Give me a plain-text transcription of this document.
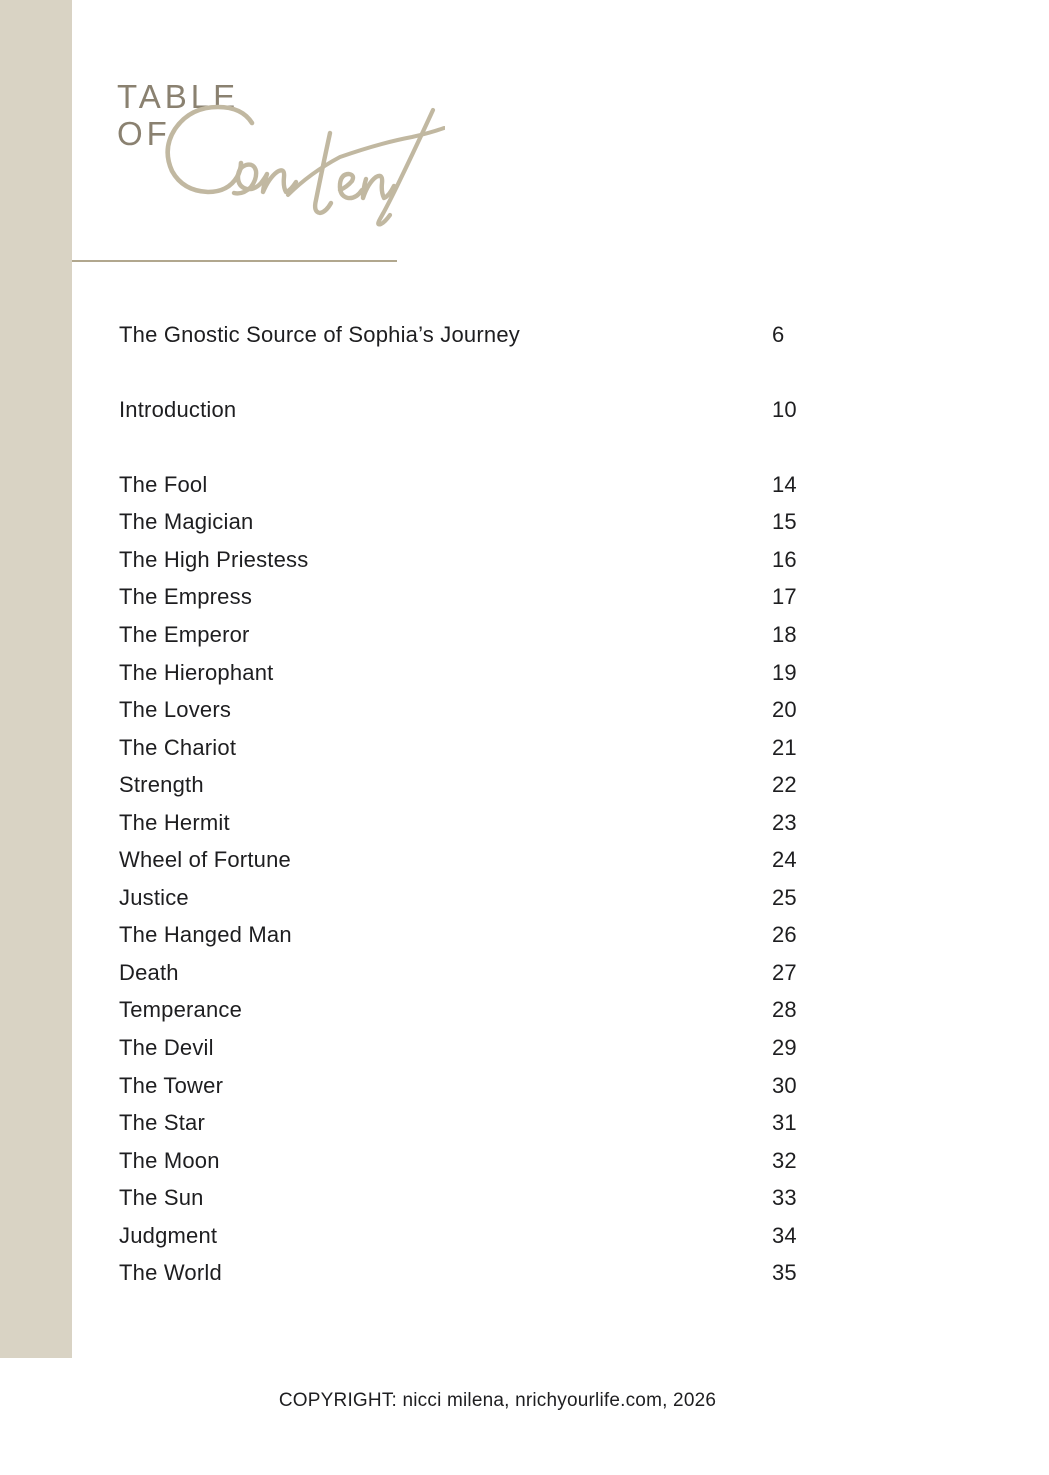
TABLE
OF
The Gnostic Source of Sophia’s Journey	6
Introduction	10
The Fool	14
The Magician	15
The High Priestess	16
The Empress	17
The Emperor	18
The Hierophant	19
The Lovers	20
The Chariot	21
Strength	22
The Hermit	23
Wheel of Fortune	24
Justice	25
The Hanged Man	26
Death	27
Temperance	28
The Devil	29
The Tower	30
The Star	31
The Moon	32
The Sun	33
Judgment	34
The World	35
COPYRIGHT: nicci milena, nrichyourlife.com, 2026
